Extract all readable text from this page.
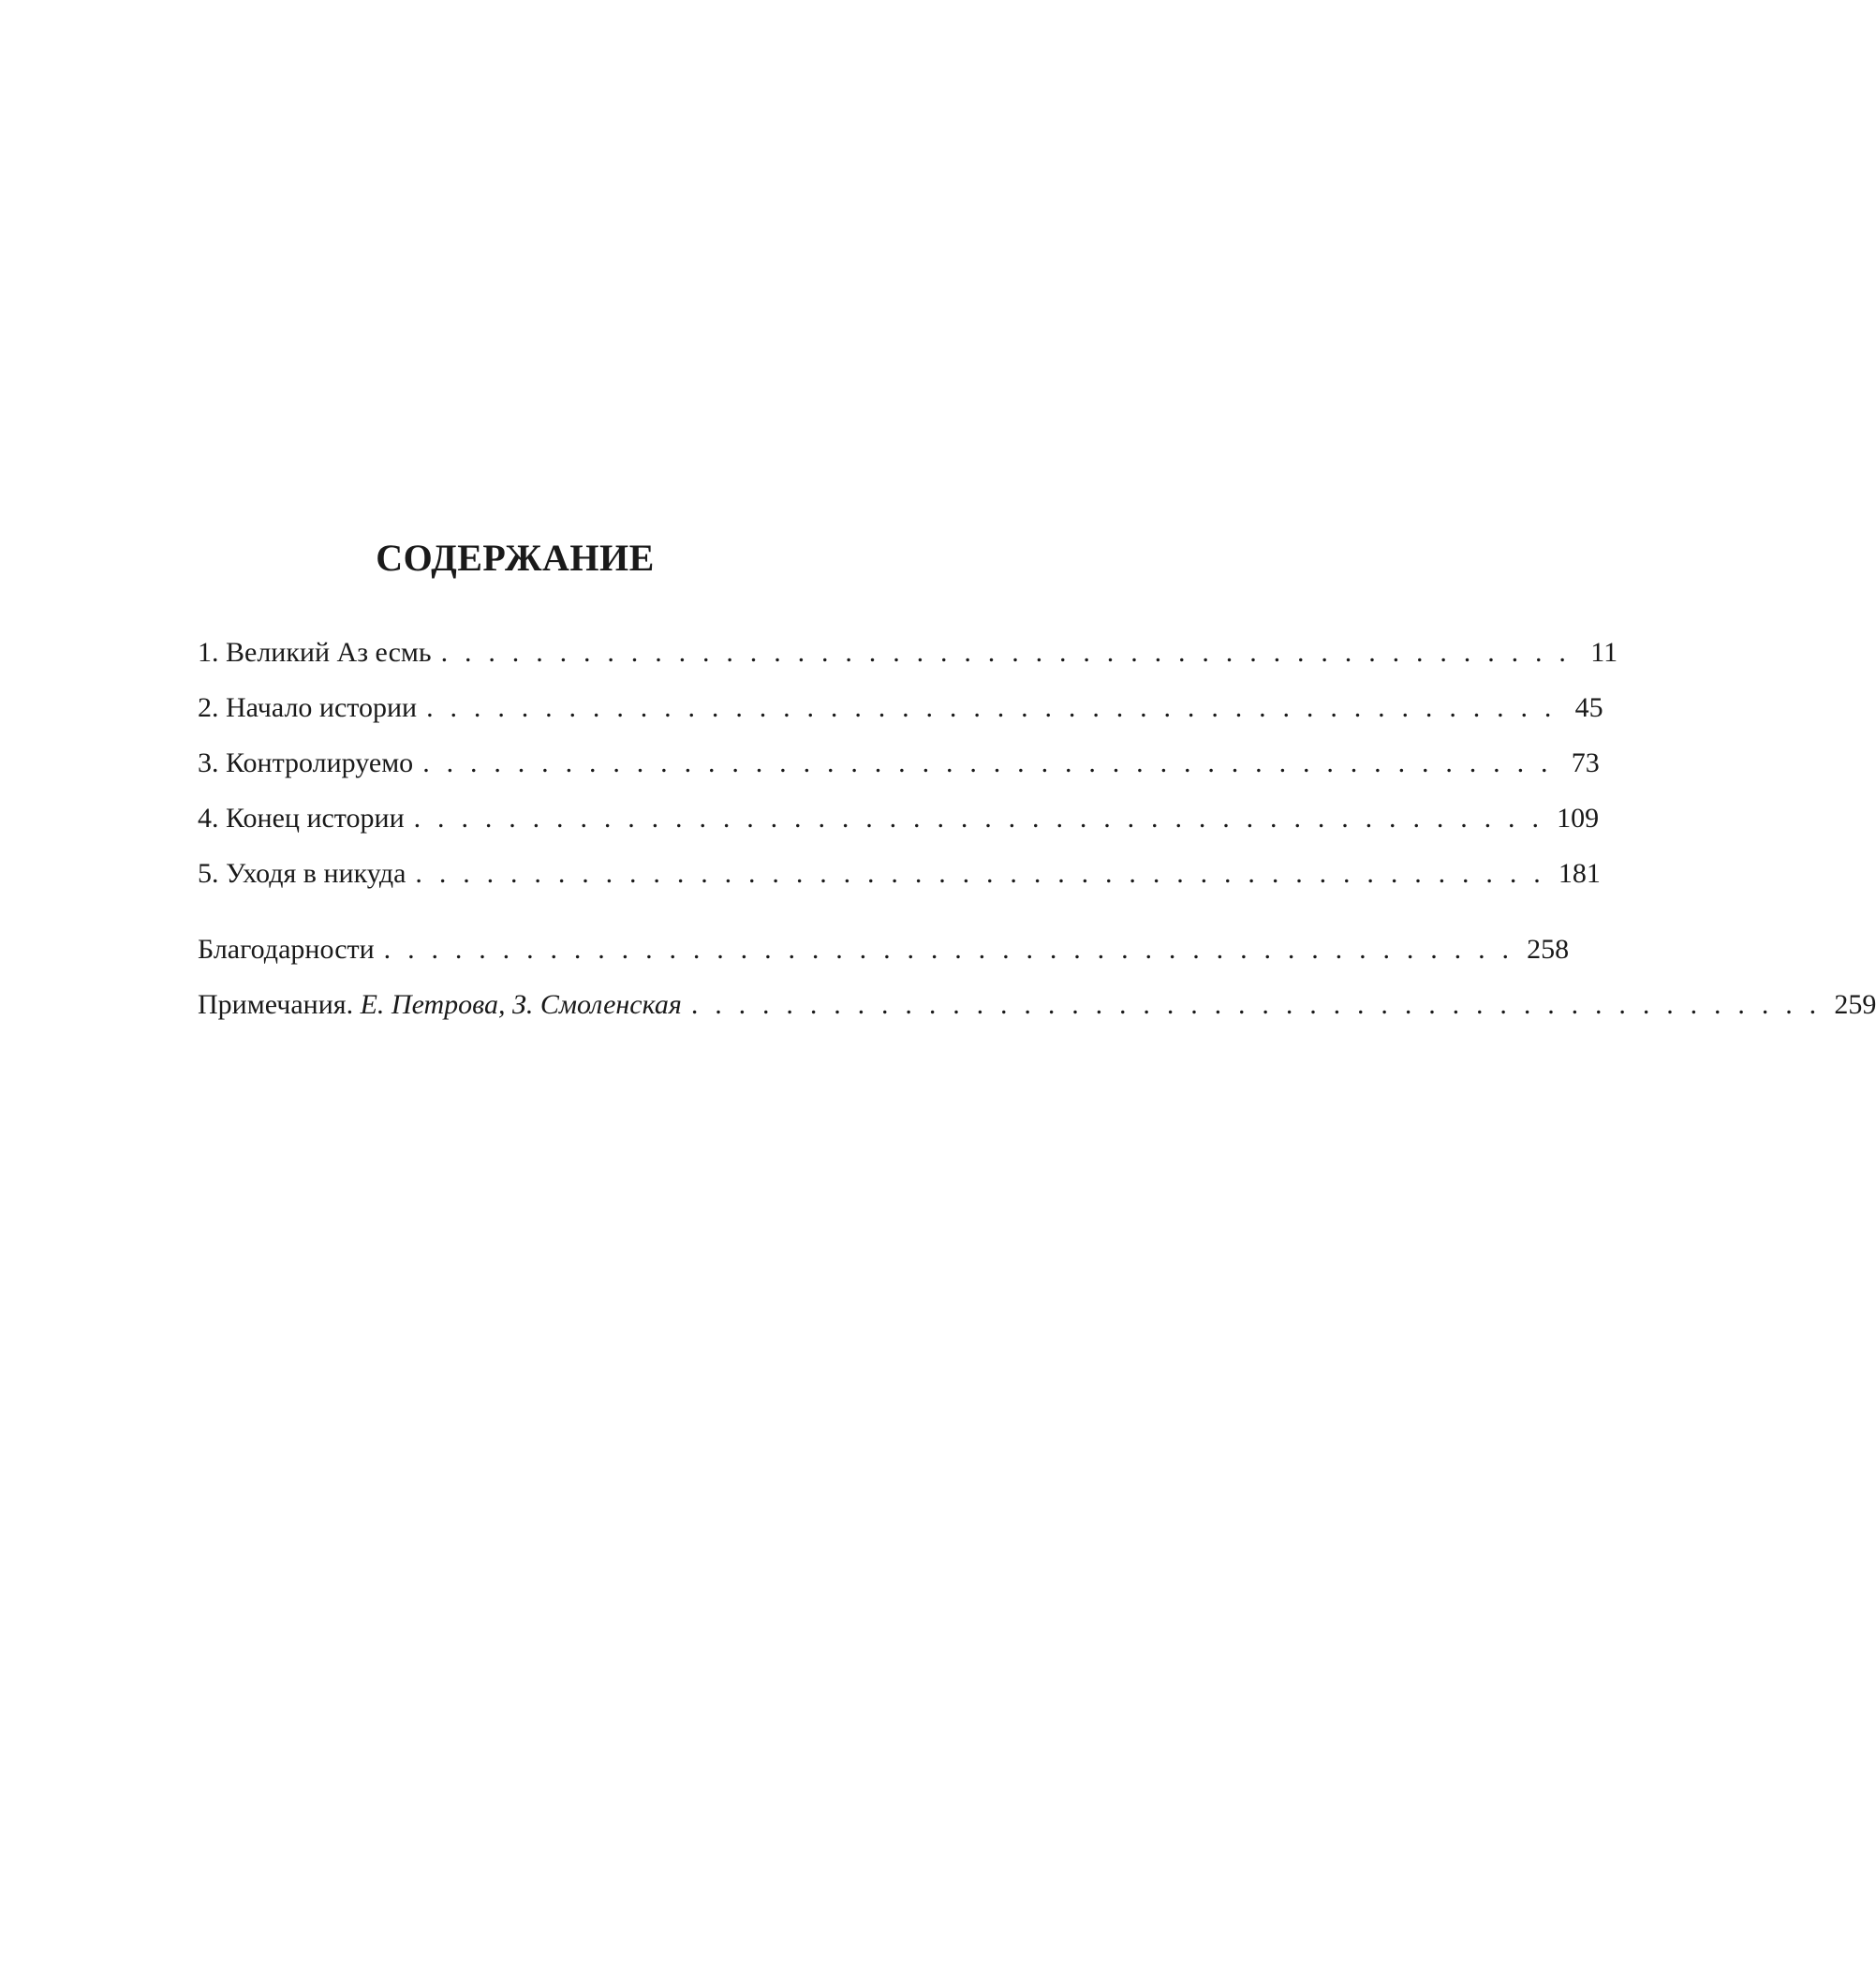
СОДЕРЖАНИЕ
1. Великий Аз есмь . . . . . . . . . . . . . . . . . . . . . . . . . . . . . . . . . . . . . . . . . . . . . . . . 11
2. Начало истории . . . . . . . . . . . . . . . . . . . . . . . . . . . . . . . . . . . . . . . . . . . . . . . . 45
3. Контролируемо . . . . . . . . . . . . . . . . . . . . . . . . . . . . . . . . . . . . . . . . . . . . . . . . 73
4. Конец истории . . . . . . . . . . . . . . . . . . . . . . . . . . . . . . . . . . . . . . . . . . . . . . . . 109
5. Уходя в никуда . . . . . . . . . . . . . . . . . . . . . . . . . . . . . . . . . . . . . . . . . . . . . . . . 181
Благодарности . . . . . . . . . . . . . . . . . . . . . . . . . . . . . . . . . . . . . . . . . . . . . . . . 258
Примечания. Е. Петрова, З. Смоленская . . . . . . . . . . . . . . . . . . . . . . . . . . . . . . . . . . . . . . . . . . . . . . . . 259
